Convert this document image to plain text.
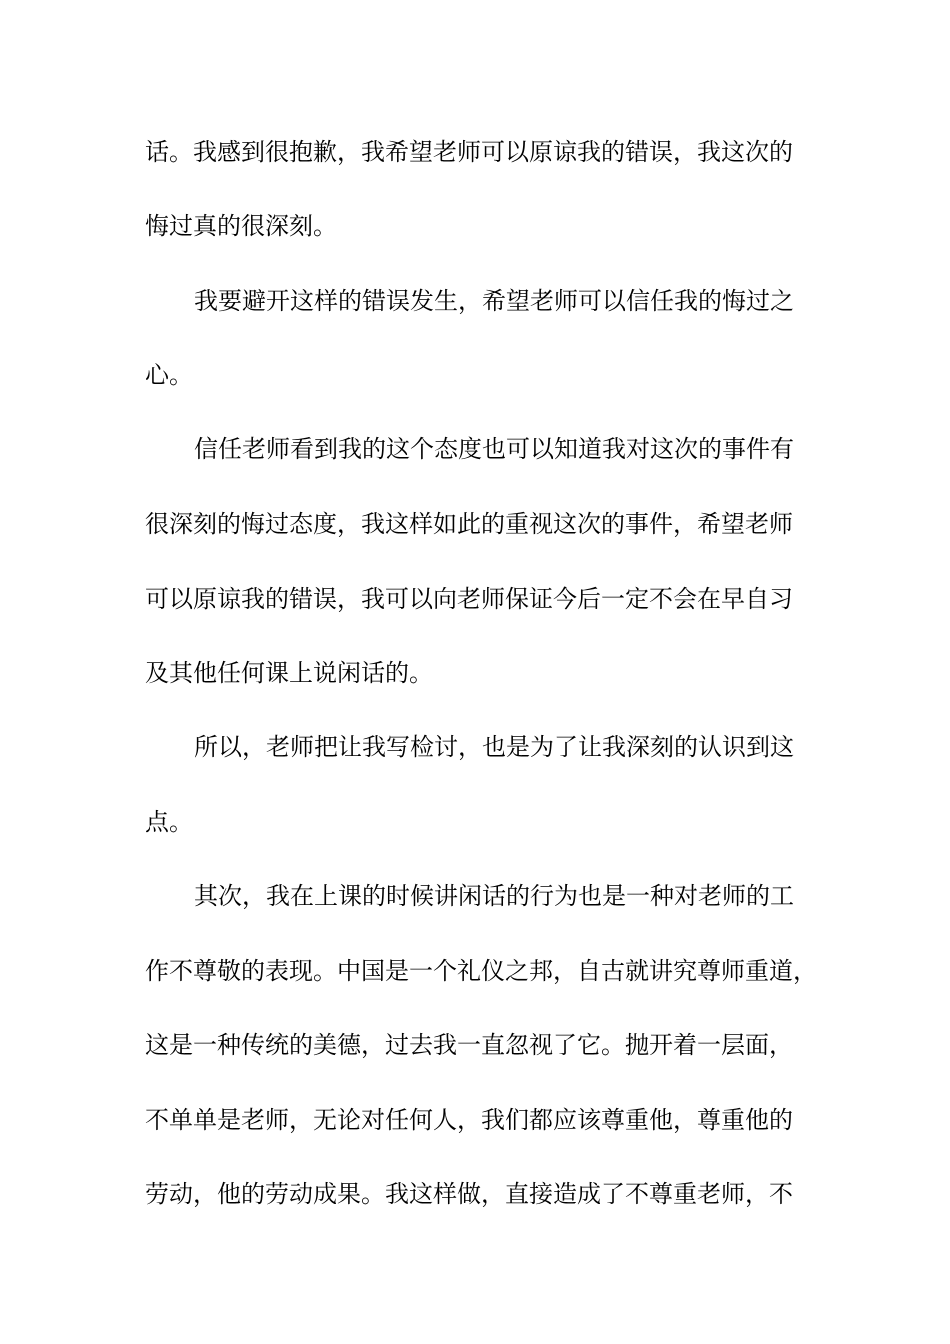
话。我感到很抱歉，我希望老师可以原谅我的错误，我这次的
悔过真的很深刻。
我要避开这样的错误发生，希望老师可以信任我的悔过之
心。
信任老师看到我的这个态度也可以知道我对这次的事件有
很深刻的悔过态度，我这样如此的重视这次的事件，希望老师
可以原谅我的错误，我可以向老师保证今后一定不会在早自习
及其他任何课上说闲话的。
所以，老师把让我写检讨，也是为了让我深刻的认识到这
点。
其次，我在上课的时候讲闲话的行为也是一种对老师的工
作不尊敬的表现。中国是一个礼仪之邦，自古就讲究尊师重道，
这是一种传统的美德，过去我一直忽视了它。抛开着一层面，
不单单是老师，无论对任何人，我们都应该尊重他，尊重他的
劳动，他的劳动成果。我这样做，直接造成了不尊重老师，不
